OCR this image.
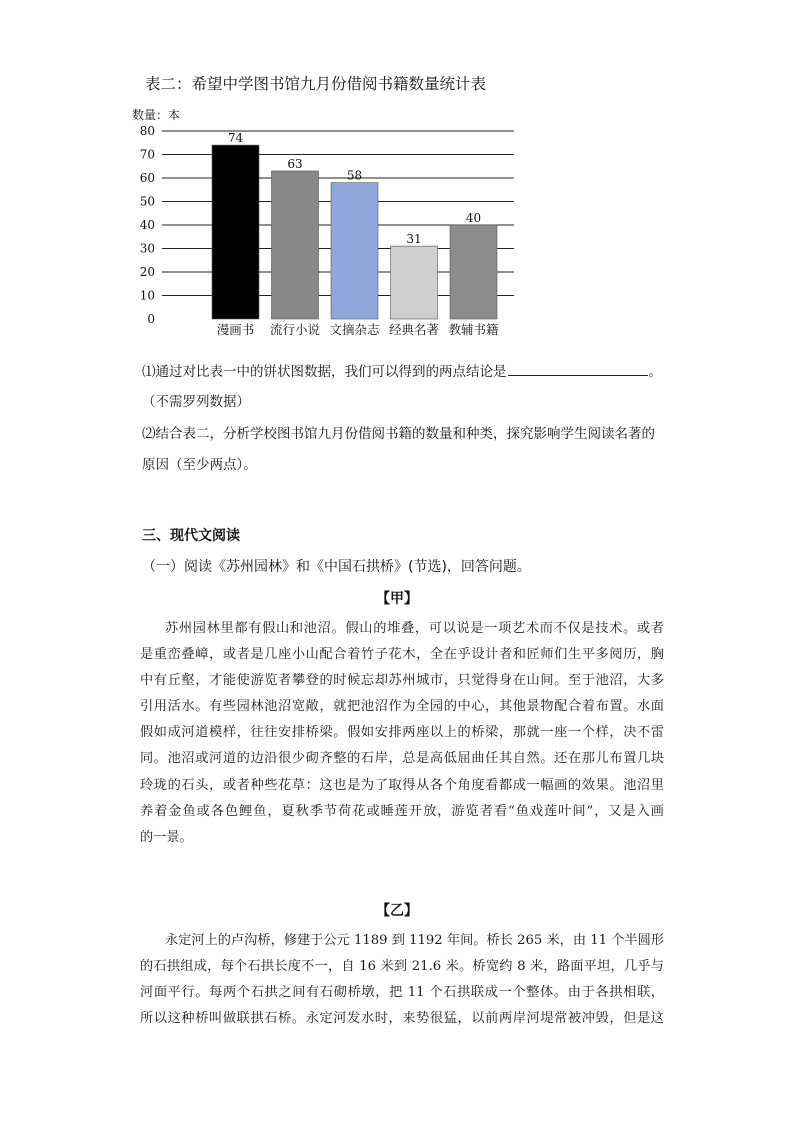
表二：希望中学图书馆九月份借阅书籍数量统计表
数量：本
0
10
20
30
40
50
60
70
80
74
漫画书
63
流行小说
58
文摘杂志
31
经典名著
40
教辅书籍
⑴通过对比表一中的饼状图数据，我们可以得到的两点结论是	。
（不需罗列数据）
⑵结合表二，分析学校图书馆九月份借阅书籍的数量和种类，探究影响学生阅读名著的
原因（至少两点）。
三、现代文阅读
（一）阅读《苏州园林》和《中国石拱桥》(节选)，回答问题。
【甲】
苏州园林里都有假山和池沼。假山的堆叠，可以说是一项艺术而不仅是技术。或者
是重峦叠嶂，或者是几座小山配合着竹子花木，全在乎设计者和匠师们生平多阅历，胸
中有丘壑，才能使游览者攀登的时候忘却苏州城市，只觉得身在山间。至于池沼，大多
引用活水。有些园林池沼宽敞，就把池沼作为全园的中心，其他景物配合着布置。水面
假如成河道模样，往往安排桥梁。假如安排两座以上的桥梁，那就一座一个样，决不雷
同。池沼或河道的边沿很少砌齐整的石岸，总是高低屈曲任其自然。还在那儿布置几块
玲珑的石头，或者种些花草：这也是为了取得从各个角度看都成一幅画的效果。池沼里
养着金鱼或各色鲤鱼，夏秋季节荷花或睡莲开放，游览者看“鱼戏莲叶间”，又是入画
的一景。
【乙】
永定河上的卢沟桥，修建于公元 1189 到 1192 年间。桥长 265 米，由 11 个半圆形
的石拱组成，每个石拱长度不一，自 16 米到 21.6 米。桥宽约 8 米，路面平坦，几乎与
河面平行。每两个石拱之间有石砌桥墩，把 11 个石拱联成一个整体。由于各拱相联，
所以这种桥叫做联拱石桥。永定河发水时，来势很猛，以前两岸河堤常被冲毁，但是这
